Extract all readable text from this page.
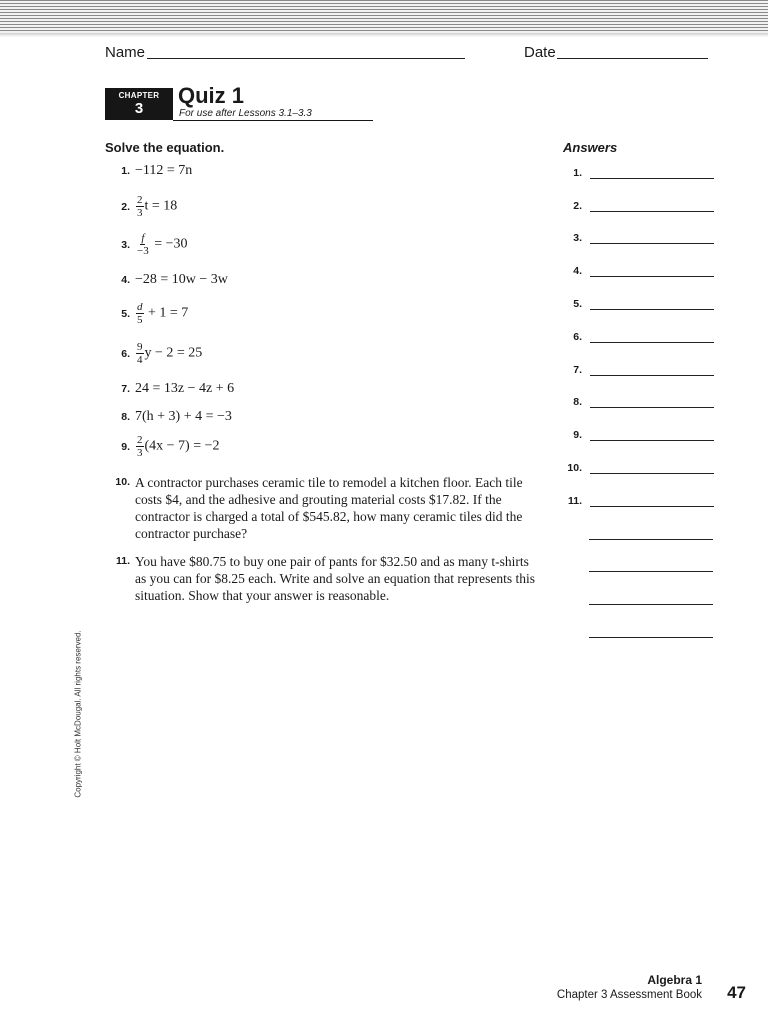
Name	Date
CHAPTER
3
Quiz 1
For use after Lessons 3.1–3.3
Solve the equation.	Answers
1. −112 = 7n
2. $\frac{2}{3}$ t = 18
3. $\frac{f}{-3} = -30$
4. −28 = 10w − 3w
5. $\frac{d}{5} + 1 = 7$
6. $\frac{9}{4}$ y − 2 = 25
7. 24 = 13z − 4z + 6
8. 7(h + 3) + 4 = −3
9. $\frac{2}{3} (4x - 7) = -2$
10. A contractor purchases ceramic tile to remodel a kitchen floor. Each tile costs $4, and the adhesive and grouting material costs $17.82. If the contractor is charged a total of $545.82, how many ceramic tiles did the contractor purchase?
11. You have $80.75 to buy one pair of pants for $32.50 and as many t-shirts as you can for $8.25 each. Write and solve an equation that represents this situation. Show that your answer is reasonable.
1.
2.
3.
4.
5.
6.
7.
8.
9.
10.
11.
Copyright © Holt McDougal. All rights reserved.
Algebra 1
Chapter 3 Assessment Book 47
